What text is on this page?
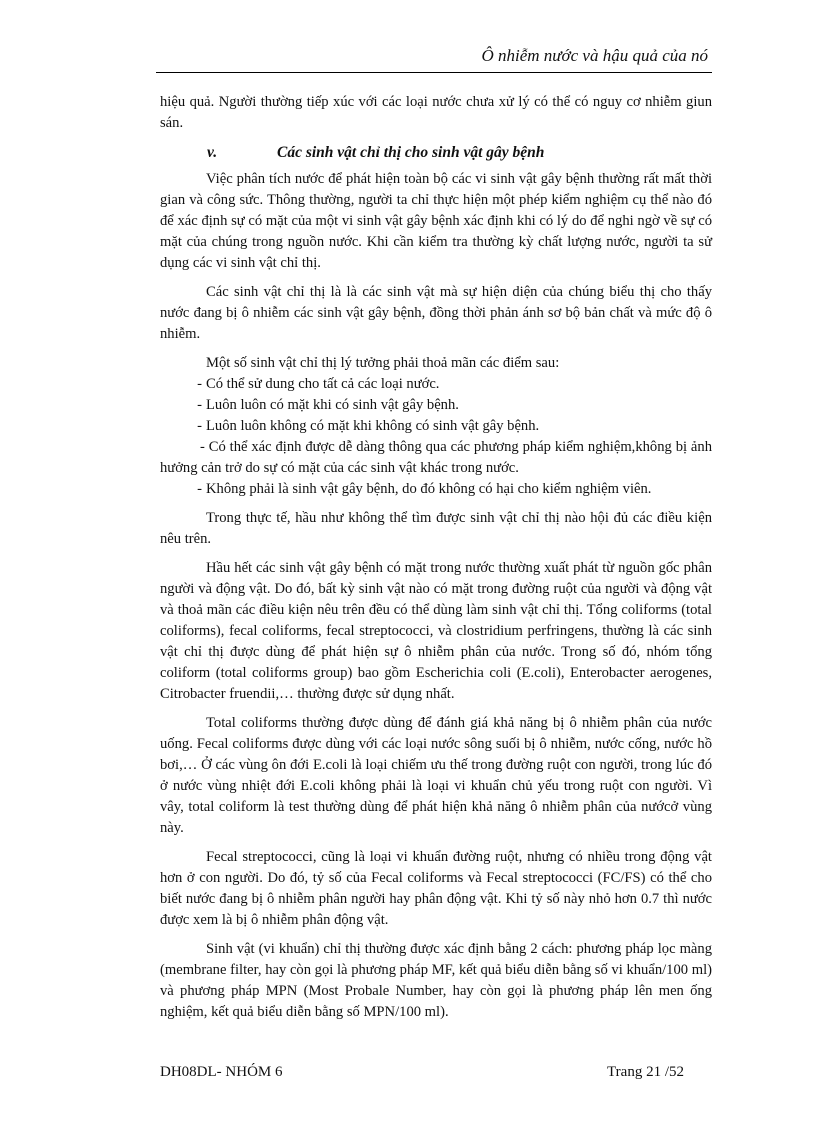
Ô nhiễm nước và hậu quả của nó

hiệu quả. Người thường tiếp xúc với các loại nước chưa xử lý có thể có nguy cơ nhiễm giun sán.

v.	Các sinh vật chỉ thị cho sinh vật gây bệnh

Việc phân tích nước để phát hiện toàn bộ các vi sinh vật gây bệnh thường rất mất thời gian và công sức. Thông thường, người ta chỉ thực hiện một phép kiểm nghiệm cụ thể nào đó để xác định sự có mặt của một vi sinh vật gây bệnh xác định khi có lý do để nghi ngờ về sự có mặt của chúng trong nguồn nước. Khi cần kiểm tra thường kỳ chất lượng nước, người ta sử dụng các vi sinh vật chỉ thị.

Các sinh vật chỉ thị là là các sinh vật mà sự hiện diện của chúng biểu thị cho thấy nước đang bị ô nhiễm các sinh vật gây bệnh, đồng thời phản ánh sơ bộ bản chất và mức độ ô nhiễm.

Một số sinh vật chỉ thị lý tưởng phải thoả mãn các điểm sau:
- Có thể sử dung cho tất cả các loại nước.
- Luôn luôn có mặt khi có sinh vật gây bệnh.
- Luôn luôn không có mặt khi không có sinh vật gây bệnh.
- Có thể xác định được dễ dàng thông qua các phương pháp kiểm nghiệm,không bị ảnh hưởng cản trở do sự có mặt của các sinh vật khác trong nước.
- Không phải là sinh vật gây bệnh, do đó không có hại cho kiểm nghiệm viên.

Trong thực tế, hầu như không thể tìm được sinh vật chỉ thị nào hội đủ các điều kiện nêu trên.

Hầu hết các sinh vật gây bệnh có mặt trong nước thường xuất phát từ nguồn gốc phân người và động vật. Do đó, bất kỳ sinh vật nào có mặt trong đường ruột của người và động vật và thoả mãn các điều kiện nêu trên đều có thể dùng làm sinh vật chỉ thị. Tổng coliforms (total coliforms), fecal coliforms, fecal streptococci, và clostridium perfringens, thường là các sinh vật chỉ thị được dùng để phát hiện sự ô nhiễm phân của nước. Trong số đó, nhóm tổng coliform (total coliforms group) bao gồm Escherichia coli (E.coli), Enterobacter aerogenes, Citrobacter fruendii,… thường được sử dụng nhất.

Total coliforms thường được dùng để đánh giá khả năng bị ô nhiễm phân của nước uống. Fecal coliforms được dùng với các loại nước sông suối bị ô nhiễm, nước cống, nước hồ bơi,… Ở các vùng ôn đới E.coli là loại chiếm ưu thế trong đường ruột con người, trong lúc đó ở nước vùng nhiệt đới E.coli không phải là loại vi khuẩn chủ yếu trong ruột con người. Vì vây, total coliform là test thường dùng để phát hiện khả năng ô nhiễm phân của nướcở vùng này.

Fecal streptococci, cũng là loại vi khuẩn đường ruột, nhưng có nhiều trong động vật hơn ở con người. Do đó, tỷ số của Fecal coliforms và Fecal streptococci (FC/FS) có thể cho biết nước đang bị ô nhiễm phân người hay phân động vật. Khi tỷ số này nhỏ hơn 0.7 thì nước được xem là bị ô nhiễm phân động vật.

Sinh vật (vi khuẩn) chỉ thị thường được xác định bằng 2 cách: phương pháp lọc màng (membrane filter, hay còn gọi là phương pháp MF, kết quả biểu diễn bằng số vi khuẩn/100 ml) và phương pháp MPN (Most Probale Number, hay còn gọi là phương pháp lên men ống nghiệm, kết quả biểu diễn bằng số MPN/100 ml).

DH08DL- NHÓM 6	Trang 21 /52
